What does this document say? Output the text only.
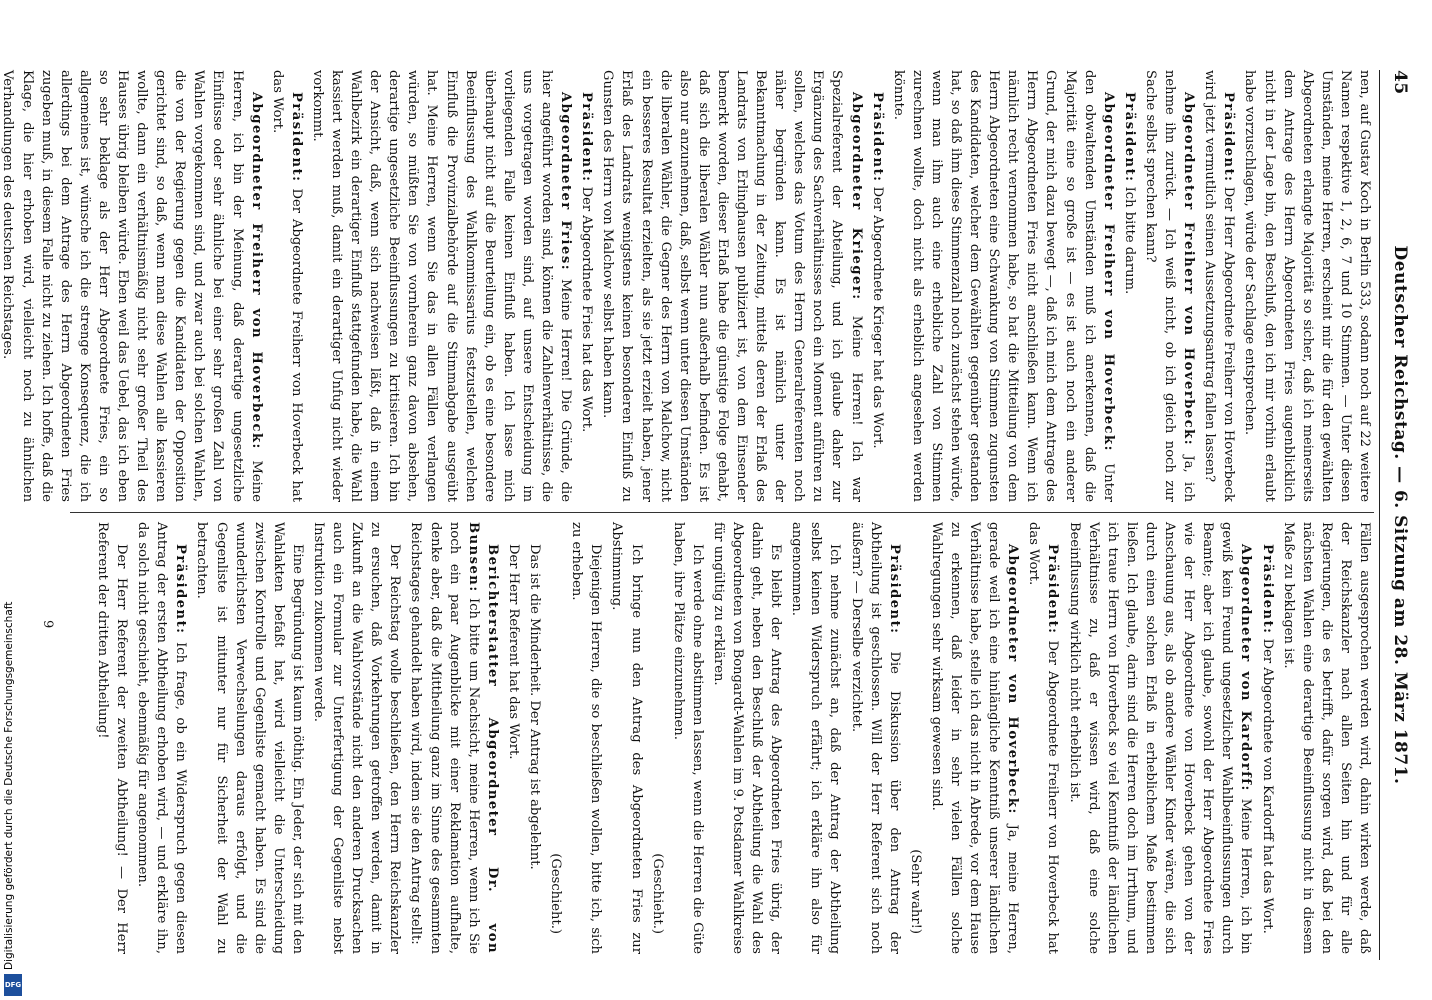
Deutscher Reichstag. — 6. Sitzung am 28. März 1871.
45

nen, auf Gustav Koch in Berlin 533, sodann noch auf 22 weitere Namen respektive 1, 2, 6, 7 und 10 Stimmen. — Unter diesen Umständen, meine Herren, erscheint mir die für den gewählten Abgeordneten erlangte Majorität so sicher, daß ich meinerseits dem Antrage des Herrn Abgeordneten Fries augenblicklich nicht in der Lage bin, den Beschluß, den ich mir vorhin erlaubt habe vorzuschlagen, würde der Sachlage entsprechen.

Präsident: Der Herr Abgeordnete Freiherr von Hoverbeck wird jetzt vermutlich seinen Aussetzungsantrag fallen lassen?

Abgeordneter Freiherr von Hoverbeck: Ja, ich nehme ihn zurück. — Ich weiß nicht, ob ich gleich noch zur Sache selbst sprechen kann?

Präsident: Ich bitte darum.

Abgeordneter Freiherr von Hoverbeck: Unter den obwaltenden Umständen muß ich anerkennen, daß die Majorität eine so große ist — es ist auch noch ein anderer Grund, der mich dazu bewegt —, daß ich mich dem Antrage des Herrn Abgeordneten Fries nicht anschließen kann. Wenn ich nämlich recht vernommen habe, so hat die Mitteilung von dem Herrn Abgeordneten eine Schwankung von Stimmen zugunsten des Kandidaten, welcher dem Gewählten gegenüber gestanden hat, so daß ihm diese Stimmenzahl noch zunächst stehen würde, wenn man ihm auch eine erhebliche Zahl von Stimmen zurechnen wollte, doch nicht als erheblich angesehen werden könnte.

Präsident: Der Abgeordnete Krieger hat das Wort.

Abgeordneter Krieger: Meine Herren! Ich war Spezialreferent der Abteilung, und ich glaube daher zur Ergänzung des Sachverhältnisses noch ein Moment anführen zu sollen, welches das Votum des Herrn Generalreferenten noch näher begründen kann. Es ist nämlich unter der Bekanntmachung in der Zeitung, mittels deren der Erlaß des Landrats von Erlinghausen publiziert ist, von dem Einsender bemerkt worden, dieser Erlaß habe die günstige Folge gehabt, daß sich die liberalen Wähler nun außerhalb befinden. Es ist also nur anzunehmen, daß, selbst wenn unter diesen Umständen die liberalen Wähler, die Gegner des Herrn von Malchow, nicht ein besseres Resultat erzielten, als sie jetzt erzielt haben, jener Erlaß des Landrats wenigstens keinen besonderen Einfluß zu Gunsten des Herrn von Malchow selbst haben kann.

Präsident: Der Abgeordnete Fries hat das Wort.

Abgeordneter Fries: Meine Herren! Die Gründe, die hier angeführt worden sind, können die Zahlenverhältnisse, die uns vorgetragen worden sind, auf unsere Entscheidung im vorliegenden Falle keinen Einfluß haben. Ich lasse mich überhaupt nicht auf die Beurteilung ein, ob es eine besondere Beeinflussung des Wahlkommissarius festzustellen, welchen Einfluß die Provinzialbehörde auf die Stimmabgabe ausgeübt hat. Meine Herren, wenn Sie das in allen Fällen verlangen würden, so müßten Sie von vornherein ganz davon absehen, derartige ungesetzliche Beeinflussungen zu kritisieren. Ich bin der Ansicht, daß, wenn sich nachweisen läßt, daß in einem Wahlbezirk ein derartiger Einfluß stattgefunden habe, die Wahl kassiert werden muß, damit ein derartiger Unfug nicht wieder vorkommt.

Präsident: Der Abgeordnete Freiherr von Hoverbeck hat das Wort.

Abgeordneter Freiherr von Hoverbeck: Meine Herren, ich bin der Meinung, daß derartige ungesetzliche Einflüsse oder sehr ähnliche bei einer sehr großen Zahl von Wahlen vorgekommen sind, und zwar auch bei solchen Wahlen, die von der Regierung gegen die Kandidaten der Opposition gerichtet sind, so daß, wenn man diese Wahlen alle kassieren wollte, dann ein verhältnismäßig nicht sehr großer Theil des Hauses übrig bleiben würde. Eben weil das Uebel, das ich eben so sehr beklage als der Herr Abgeordnete Fries, ein so allgemeines ist, wünsche ich die strenge Konsequenz, die ich allerdings bei dem Antrage des Herrn Abgeordneten Fries zugeben muß, in diesem Falle nicht zu ziehen. Ich hoffe, daß die Klage, die hier erhoben wird, vielleicht noch zu ähnlichen Verhandlungen des deutschen Reichstages.

Fällen ausgesprochen werden wird, dahin wirken werde, daß der Reichskanzler nach allen Seiten hin und für alle Regierungen, die es betrifft, dafür sorgen wird, daß bei den nächsten Wahlen eine derartige Beeinflussung nicht in diesem Maße zu beklagen ist.

Präsident: Der Abgeordnete von Kardorff hat das Wort.

Abgeordneter von Kardorff: Meine Herren, ich bin gewiß kein Freund ungesetzlicher Wahlbeeinflussungen durch Beamte; aber ich glaube, sowohl der Herr Abgeordnete Fries wie der Herr Abgeordnete von Hoverbeck gehen von der Anschauung aus, als ob andere Wähler Kinder wären, die sich durch einen solchen Erlaß in erheblichem Maße bestimmen ließen. Ich glaube, darin sind die Herren doch im Irrthum, und ich traue Herrn von Hoverbeck so viel Kenntniß der ländlichen Verhältnisse zu, daß er wissen wird, daß eine solche Beeinflussung wirklich nicht erheblich ist.

Präsident: Der Abgeordnete Freiherr von Hoverbeck hat das Wort.

Abgeordneter von Hoverbeck: Ja, meine Herren, gerade weil ich eine hinlängliche Kenntniß unserer ländlichen Verhältnisse habe, stelle ich das nicht in Abrede, vor dem Hause zu erkennen, daß leider in sehr vielen Fällen solche Wahlregungen sehr wirksam gewesen sind.

(Sehr wahr!)

Präsident: Die Diskussion über den Antrag der Abtheilung ist geschlossen. Will der Herr Referent sich noch äußern? — Derselbe verzichtet.

Ich nehme zunächst an, daß der Antrag der Abtheilung selbst keinen Widerspruch erfährt; ich erkläre ihn also für angenommen.

Es bleibt der Antrag des Abgeordneten Fries übrig, der dahin geht, neben den Beschluß der Abtheilung die Wahl des Abgeordneten von Bongardt-Wahlen im 9. Potsdamer Wahlkreise für ungültig zu erklären.

Ich werde ohne abstimmen lassen, wenn die Herren die Güte haben, ihre Plätze einzunehmen.

(Geschieht.)

Ich bringe nun den Antrag des Abgeordneten Fries zur Abstimmung.

Diejenigen Herren, die so beschließen wollen, bitte ich, sich zu erheben.

(Geschieht.)

Das ist die Minderheit. Der Antrag ist abgelehnt.

Der Herr Referent hat das Wort.

Berichterstatter Abgeordneter Dr. von Bunsen: Ich bitte um Nachsicht, meine Herren, wenn ich Sie noch ein paar Augenblicke mit einer Reklamation aufhalte, denke aber, daß die Mittheilung ganz im Sinne des gesammten Reichstages gehandelt haben wird, indem sie den Antrag stellt:

Der Reichstag wolle beschließen, den Herrn Reichskanzler zu ersuchen, daß Vorkehrungen getroffen werden, damit in Zukunft an die Wahlvorstände nicht den anderen Drucksachen auch ein Formular zur Unterfertigung der Gegenliste nebst Instruktion zukommen werde.

Eine Begründung ist kaum nöthig. Ein Jeder, der sich mit den Wahlakten befaßt hat, wird vielleicht die Unterscheidung zwischen Kontrolle und Gegenliste gemacht haben. Es sind die wunderlichsten Verwechselungen daraus erfolgt, und die Gegenliste ist mitunter nur für Sicherheit der Wahl zu betrachten.

Präsident: Ich frage, ob ein Widerspruch gegen diesen Antrag der ersten Abtheilung erhoben wird, — und erkläre ihn, da solch nicht geschieht, ebenmäßig für angenommen.

Der Herr Referent der zweiten Abtheilung! — Der Herr Referent der dritten Abtheilung!

9
Digitalisierung gefördert durch die Deutsche Forschungsgemeinschaft
DFG
